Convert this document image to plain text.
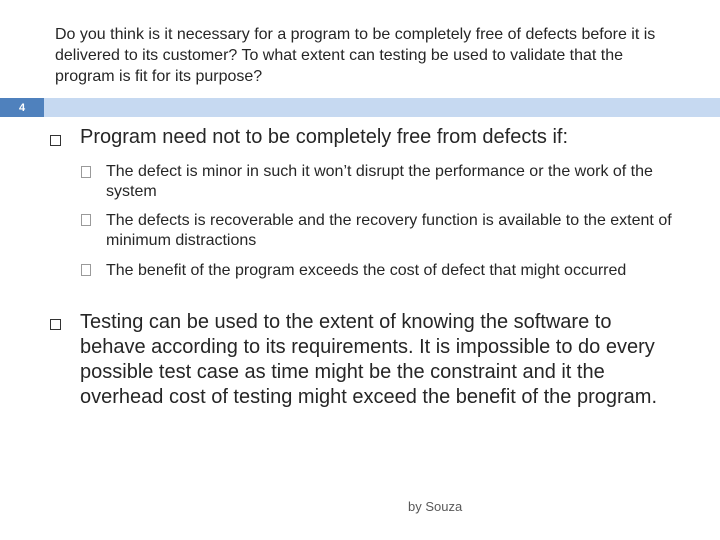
Do you think is it necessary for a program to be completely free of defects before it is delivered to its customer? To what extent can testing be used to validate that the program is fit for its purpose?
4
Program need not to be completely free from defects if:
The defect is minor in such it won’t disrupt the performance or the work of the system
The defects is recoverable and the recovery function is available to the extent of minimum distractions
The benefit of the program exceeds the cost of defect that might occurred
Testing can be used to the extent of knowing the software to behave according to its requirements. It is impossible to do every possible test case as time might be the constraint and it the overhead cost of testing might exceed the benefit of the program.
by Souza
